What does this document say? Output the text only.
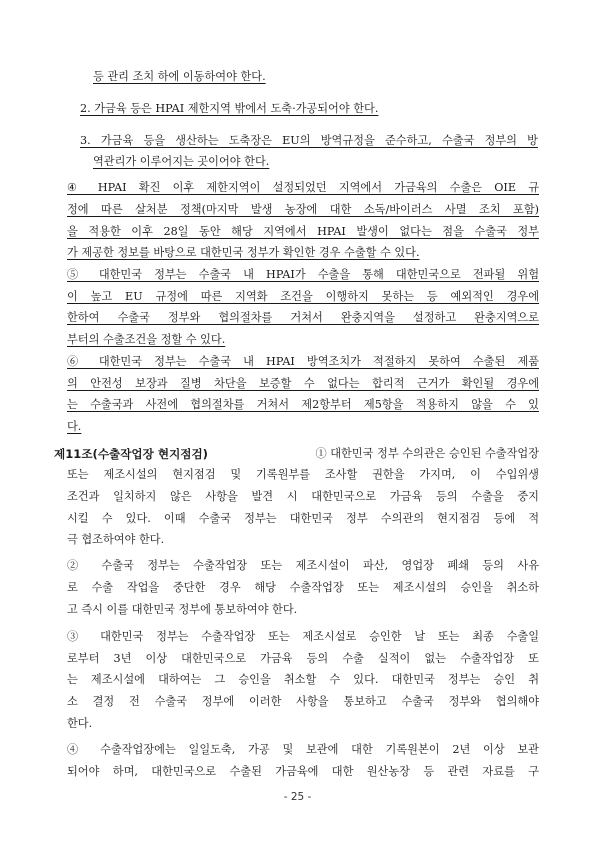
등 관리 조치 하에 이동하여야 한다.
2. 가금육 등은 HPAI 제한지역 밖에서 도축·가공되어야 한다.
3. 가금육 등을 생산하는 도축장은 EU의 방역규정을 준수하고, 수출국 정부의 방
역관리가 이루어지는 곳이어야 한다.
④ HPAI 확진 이후 제한지역이 설정되었던 지역에서 가금육의 수출은 OIE 규
정에 따른 살처분 정책(마지막 발생 농장에 대한 소독/바이러스 사멸 조치 포함)
을 적용한 이후 28일 동안 해당 지역에서 HPAI 발생이 없다는 점을 수출국 정부
가 제공한 정보를 바탕으로 대한민국 정부가 확인한 경우 수출할 수 있다.
⑤ 대한민국 정부는 수출국 내 HPAI가 수출을 통해 대한민국으로 전파될 위험
이 높고 EU 규정에 따른 지역화 조건을 이행하지 못하는 등 예외적인 경우에
한하여 수출국 정부와 협의절차를 거쳐서 완충지역을 설정하고 완충지역으로
부터의 수출조건을 정할 수 있다.
⑥ 대한민국 정부는 수출국 내 HPAI 방역조치가 적절하지 못하여 수출된 제품
의 안전성 보장과 질병 차단을 보증할 수 없다는 합리적 근거가 확인될 경우에
는 수출국과 사전에 협의절차를 거쳐서 제2항부터 제5항을 적용하지 않을 수 있
다.
제11조(수출작업장 현지점검)	① 대한민국 정부 수의관은 승인된 수출작업장
또는 제조시설의 현지점검 및 기록원부를 조사할 권한을 가지며, 이 수입위생
조건과 일치하지 않은 사항을 발견 시 대한민국으로 가금육 등의 수출을 중지
시킬 수 있다. 이때 수출국 정부는 대한민국 정부 수의관의 현지점검 등에 적
극 협조하여야 한다.
② 수출국 정부는 수출작업장 또는 제조시설이 파산, 영업장 폐쇄 등의 사유
로 수출 작업을 중단한 경우 해당 수출작업장 또는 제조시설의 승인을 취소하
고 즉시 이를 대한민국 정부에 통보하여야 한다.
③ 대한민국 정부는 수출작업장 또는 제조시설로 승인한 날 또는 최종 수출일
로부터 3년 이상 대한민국으로 가금육 등의 수출 실적이 없는 수출작업장 또
는 제조시설에 대하여는 그 승인을 취소할 수 있다. 대한민국 정부는 승인 취
소 결정 전 수출국 정부에 이러한 사항을 통보하고 수출국 정부와 협의해야
한다.
④ 수출작업장에는 일일도축, 가공 및 보관에 대한 기록원본이 2년 이상 보관
되어야 하며, 대한민국으로 수출된 가금육에 대한 원산농장 등 관련 자료를 구
- 25 -
